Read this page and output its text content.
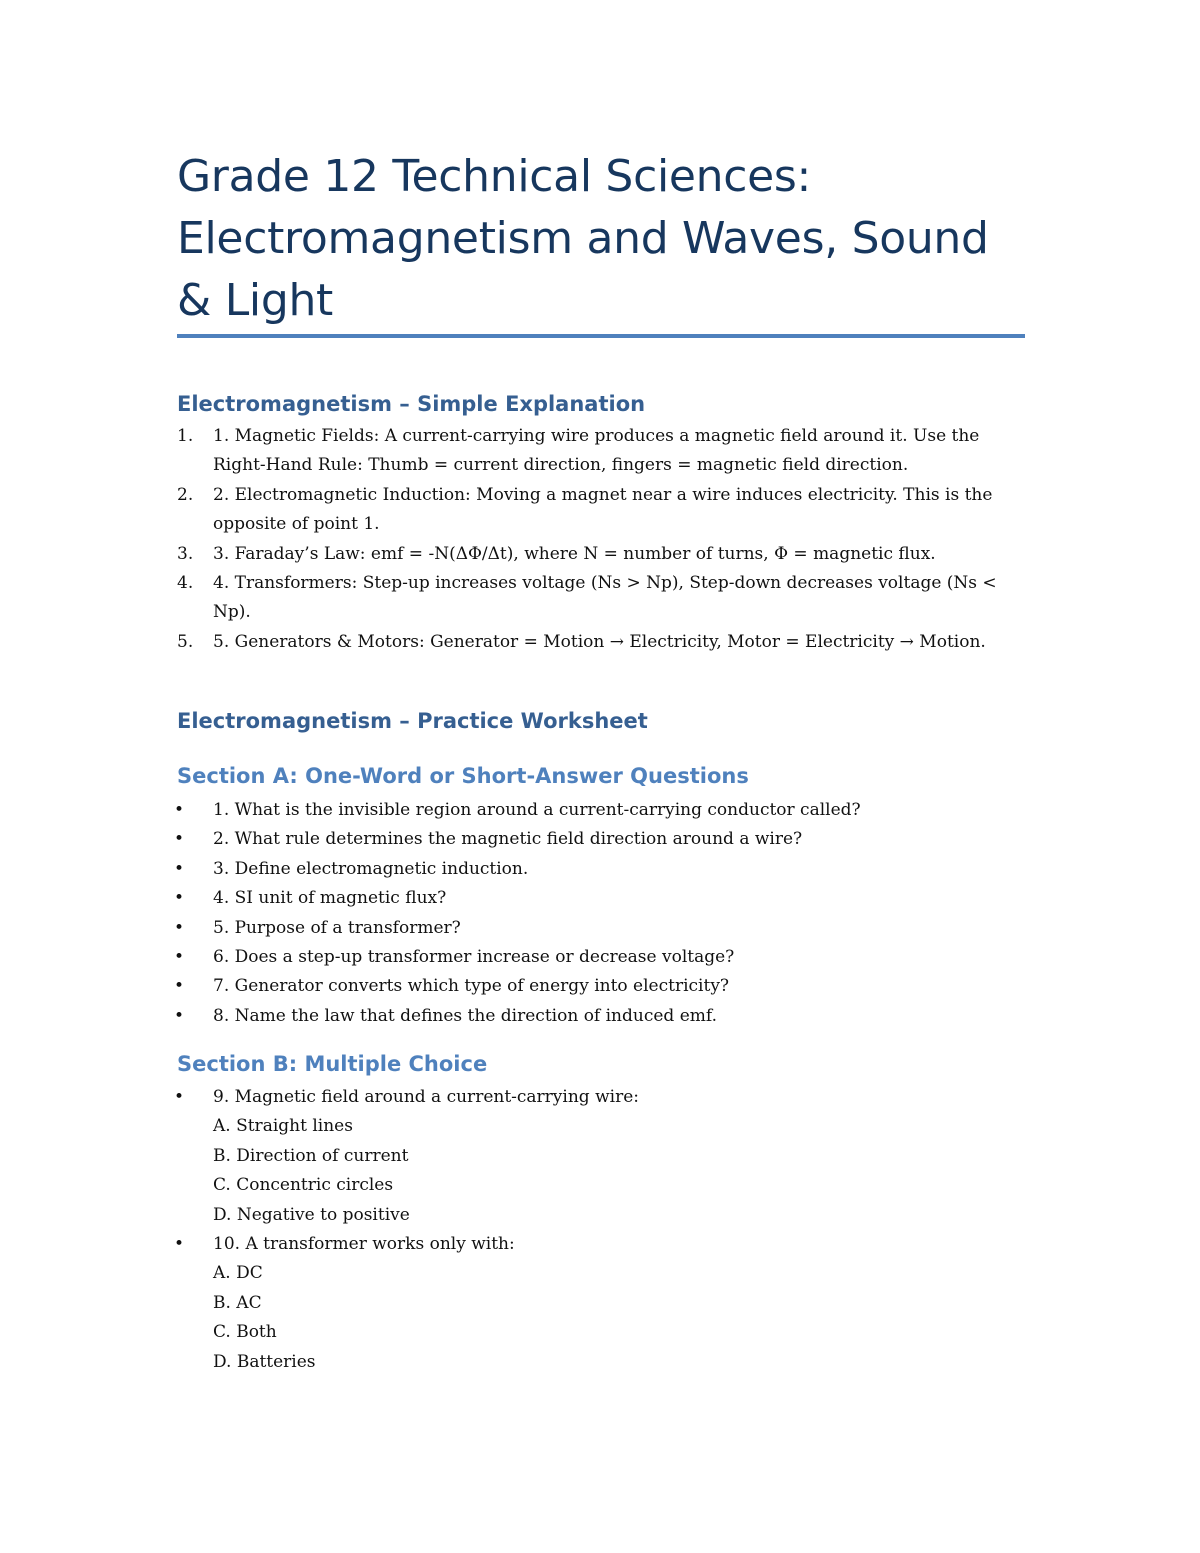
Grade 12 Technical Sciences: Electromagnetism and Waves, Sound & Light
Electromagnetism – Simple Explanation
1.	1. Magnetic Fields: A current-carrying wire produces a magnetic field around it. Use the Right-Hand Rule: Thumb = current direction, fingers = magnetic field direction.
2.	2. Electromagnetic Induction: Moving a magnet near a wire induces electricity. This is the opposite of point 1.
3.	3. Faraday’s Law: emf = -N(ΔΦ/Δt), where N = number of turns, Φ = magnetic flux.
4.	4. Transformers: Step-up increases voltage (Ns > Np), Step-down decreases voltage (Ns < Np).
5.	5. Generators & Motors: Generator = Motion → Electricity, Motor = Electricity → Motion.
Electromagnetism – Practice Worksheet
Section A: One-Word or Short-Answer Questions
•	1. What is the invisible region around a current-carrying conductor called?
•	2. What rule determines the magnetic field direction around a wire?
•	3. Define electromagnetic induction.
•	4. SI unit of magnetic flux?
•	5. Purpose of a transformer?
•	6. Does a step-up transformer increase or decrease voltage?
•	7. Generator converts which type of energy into electricity?
•	8. Name the law that defines the direction of induced emf.
Section B: Multiple Choice
•	9. Magnetic field around a current-carrying wire:
A. Straight lines
B. Direction of current
C. Concentric circles
D. Negative to positive
•	10. A transformer works only with:
A. DC
B. AC
C. Both
D. Batteries
